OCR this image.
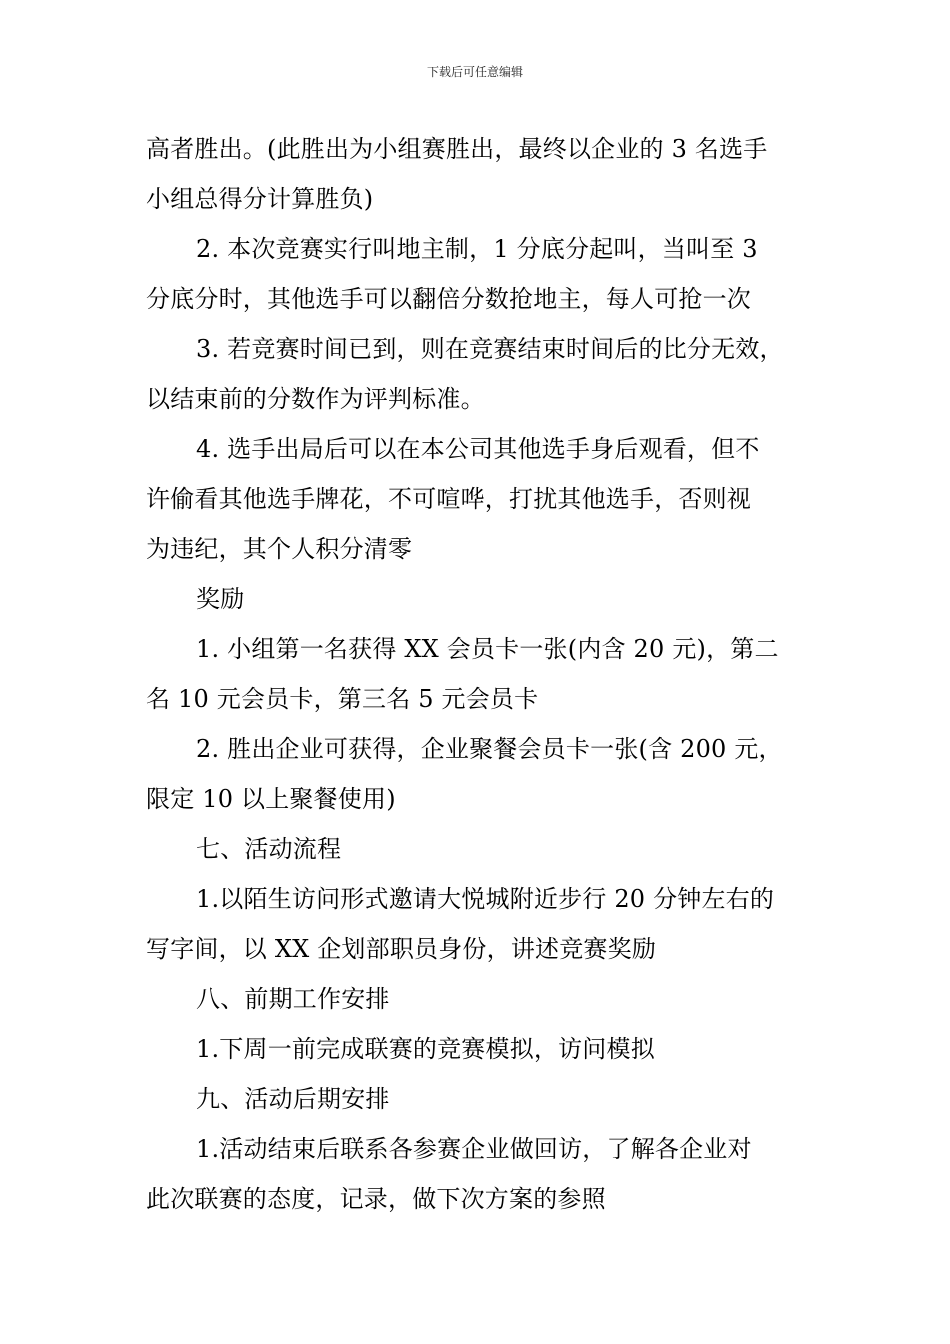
下载后可任意编辑
高者胜出。(此胜出为小组赛胜出，最终以企业的 3 名选手
小组总得分计算胜负)
2. 本次竞赛实行叫地主制，1 分底分起叫，当叫至 3
分底分时，其他选手可以翻倍分数抢地主，每人可抢一次
3. 若竞赛时间已到，则在竞赛结束时间后的比分无效，
以结束前的分数作为评判标准。
4. 选手出局后可以在本公司其他选手身后观看，但不
许偷看其他选手牌花，不可喧哗，打扰其他选手，否则视
为违纪，其个人积分清零
奖励
1. 小组第一名获得 XX 会员卡一张(内含 20 元)，第二
名 10 元会员卡，第三名 5 元会员卡
2. 胜出企业可获得，企业聚餐会员卡一张(含 200 元，
限定 10 以上聚餐使用)
七、活动流程
1.以陌生访问形式邀请大悦城附近步行 20 分钟左右的
写字间，以 XX 企划部职员身份，讲述竞赛奖励
八、前期工作安排
1.下周一前完成联赛的竞赛模拟，访问模拟
九、活动后期安排
1.活动结束后联系各参赛企业做回访，了解各企业对
此次联赛的态度，记录，做下次方案的参照
